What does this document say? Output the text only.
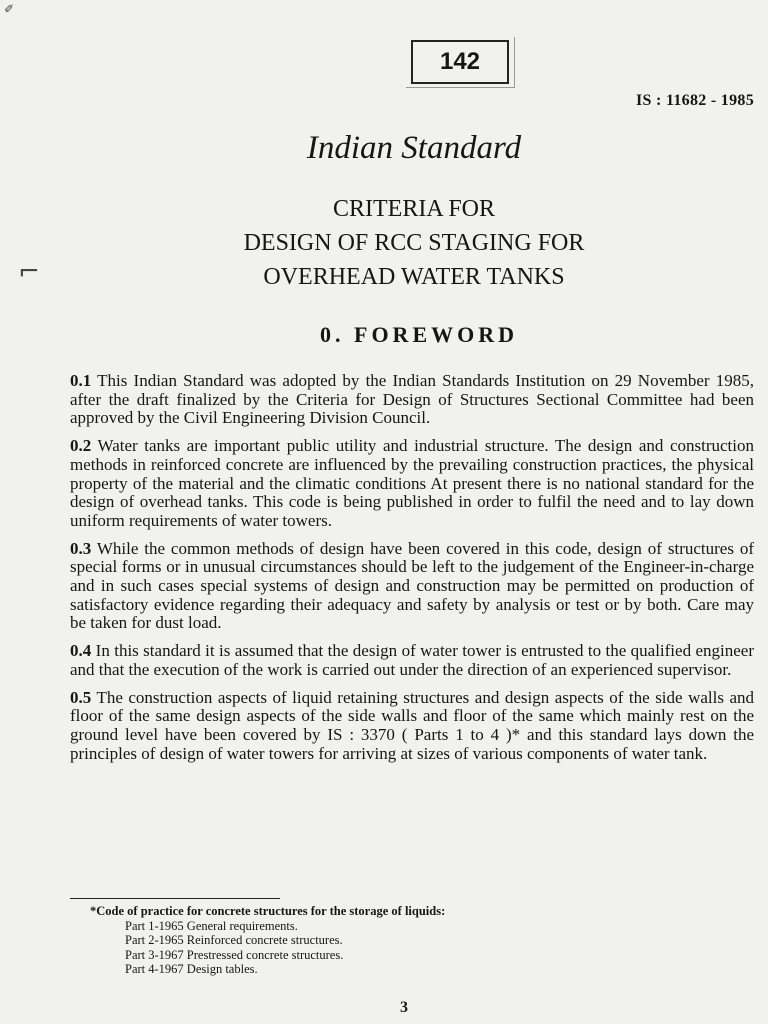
✐
⌐
142
IS : 11682 - 1985
Indian Standard
CRITERIA FOR
DESIGN OF RCC STAGING FOR
OVERHEAD WATER TANKS
0. FOREWORD

0.1 This Indian Standard was adopted by the Indian Standards Institution on 29 November 1985, after the draft finalized by the Criteria for Design of Structures Sectional Committee had been approved by the Civil Engineering Division Council.

0.2 Water tanks are important public utility and industrial structure. The design and construction methods in reinforced concrete are influenced by the prevailing construction practices, the physical property of the material and the climatic conditions At present there is no national standard for the design of overhead tanks. This code is being published in order to fulfil the need and to lay down uniform requirements of water towers.

0.3 While the common methods of design have been covered in this code, design of structures of special forms or in unusual circumstances should be left to the judgement of the Engineer-in-charge and in such cases special systems of design and construction may be permitted on production of satisfactory evidence regarding their adequacy and safety by analysis or test or by both. Care may be taken for dust load.

0.4 In this standard it is assumed that the design of water tower is entrusted to the qualified engineer and that the execution of the work is carried out under the direction of an experienced supervisor.

0.5 The construction aspects of liquid retaining structures and design aspects of the side walls and floor of the same design aspects of the side walls and floor of the same which mainly rest on the ground level have been covered by IS : 3370 ( Parts 1 to 4 )* and this standard lays down the principles of design of water towers for arriving at sizes of various components of water tank.

*Code of practice for concrete structures for the storage of liquids:
Part 1-1965 General requirements.
Part 2-1965 Reinforced concrete structures.
Part 3-1967 Prestressed concrete structures.
Part 4-1967 Design tables.
3
